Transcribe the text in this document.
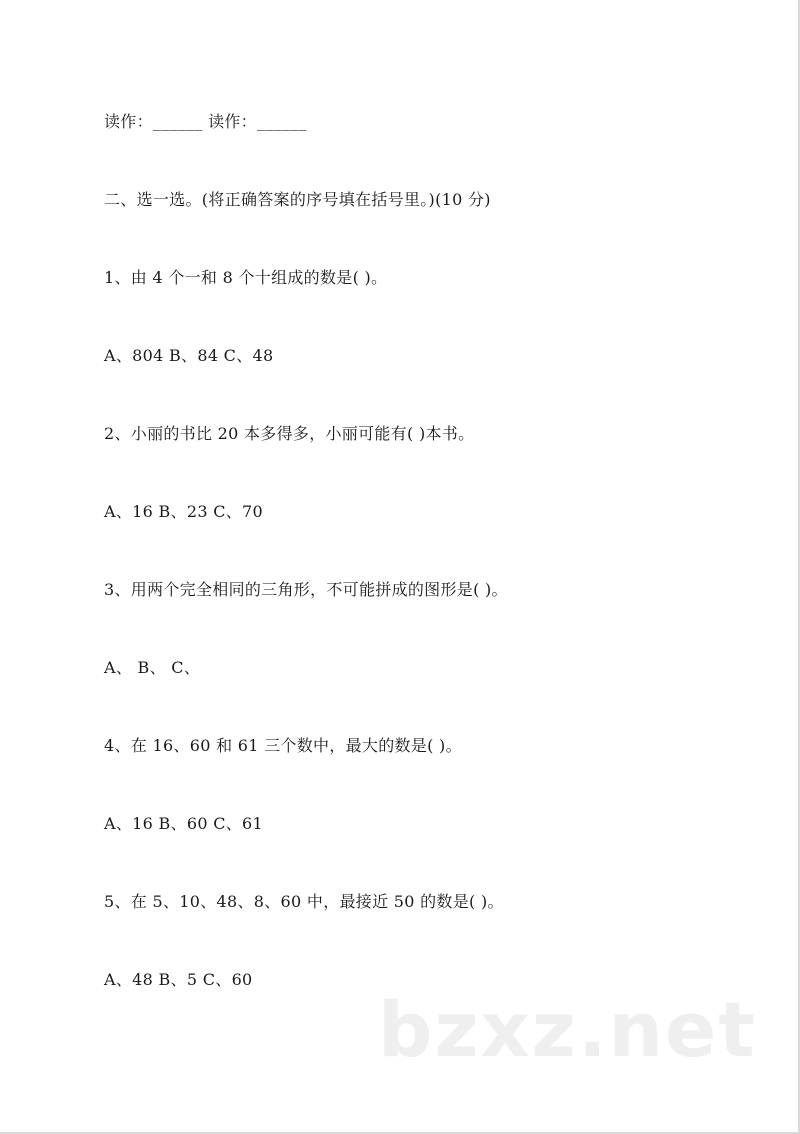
读作：______ 读作：______
二、选一选。(将正确答案的序号填在括号里。)(10 分)
1、由 4 个一和 8 个十组成的数是( )。
A、804 B、84 C、48
2、小丽的书比 20 本多得多，小丽可能有( )本书。
A、16 B、23 C、70
3、用两个完全相同的三角形，不可能拼成的图形是( )。
A、 B、 C、
4、在 16、60 和 61 三个数中，最大的数是( )。
A、16 B、60 C、61
5、在 5、10、48、8、60 中，最接近 50 的数是( )。
A、48 B、5 C、60
bzxz.net
